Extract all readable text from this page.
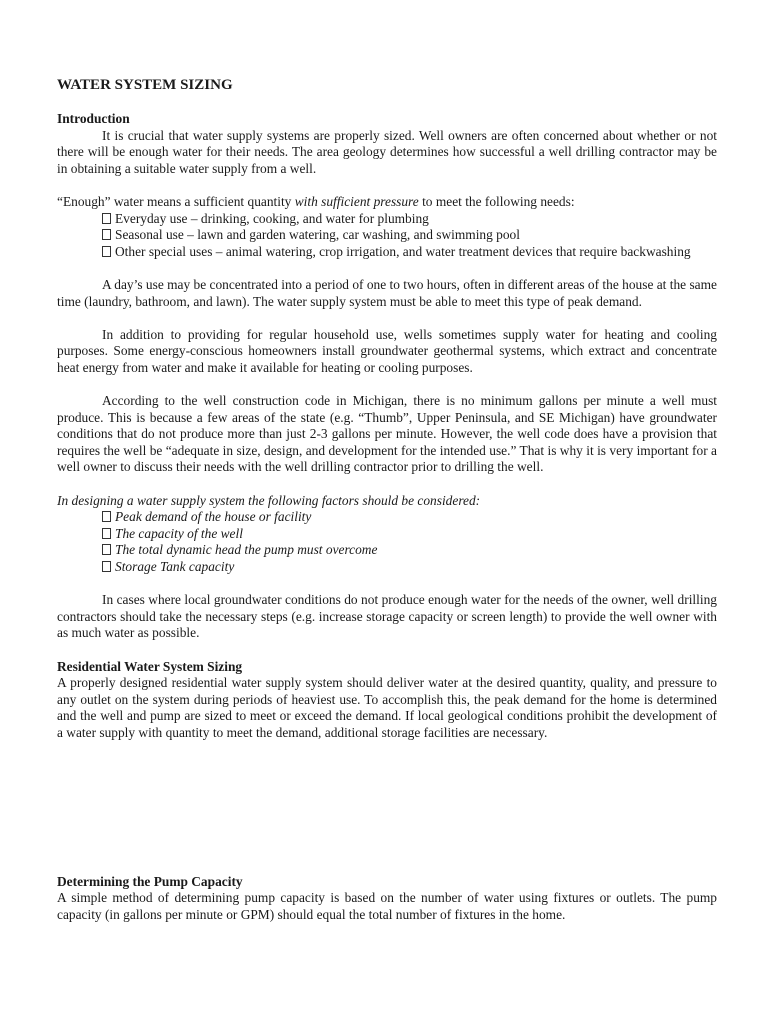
WATER SYSTEM SIZING

Introduction

It is crucial that water supply systems are properly sized. Well owners are often concerned about whether or not there will be enough water for their needs. The area geology determines how successful a well drilling contractor may be in obtaining a suitable water supply from a well.

“Enough” water means a sufficient quantity with sufficient pressure to meet the following needs:

Everyday use – drinking, cooking, and water for plumbing
Seasonal use – lawn and garden watering, car washing, and swimming pool
Other special uses – animal watering, crop irrigation, and water treatment devices that require backwashing

A day’s use may be concentrated into a period of one to two hours, often in different areas of the house at the same time (laundry, bathroom, and lawn). The water supply system must be able to meet this type of peak demand.

In addition to providing for regular household use, wells sometimes supply water for heating and cooling purposes. Some energy-conscious homeowners install groundwater geothermal systems, which extract and concentrate heat energy from water and make it available for heating or cooling purposes.

According to the well construction code in Michigan, there is no minimum gallons per minute a well must produce. This is because a few areas of the state (e.g. “Thumb”, Upper Peninsula, and SE Michigan) have groundwater conditions that do not produce more than just 2-3 gallons per minute. However, the well code does have a provision that requires the well be “adequate in size, design, and development for the intended use.” That is why it is very important for a well owner to discuss their needs with the well drilling contractor prior to drilling the well.

In designing a water supply system the following factors should be considered:

Peak demand of the house or facility
The capacity of the well
The total dynamic head the pump must overcome
Storage Tank capacity

In cases where local groundwater conditions do not produce enough water for the needs of the owner, well drilling contractors should take the necessary steps (e.g. increase storage capacity or screen length) to provide the well owner with as much water as possible.

Residential Water System Sizing

A properly designed residential water supply system should deliver water at the desired quantity, quality, and pressure to any outlet on the system during periods of heaviest use. To accomplish this, the peak demand for the home is determined and the well and pump are sized to meet or exceed the demand. If local geological conditions prohibit the development of a water supply with quantity to meet the demand, additional storage facilities are necessary.

Determining the Pump Capacity

A simple method of determining pump capacity is based on the number of water using fixtures or outlets. The pump capacity (in gallons per minute or GPM) should equal the total number of fixtures in the home.
